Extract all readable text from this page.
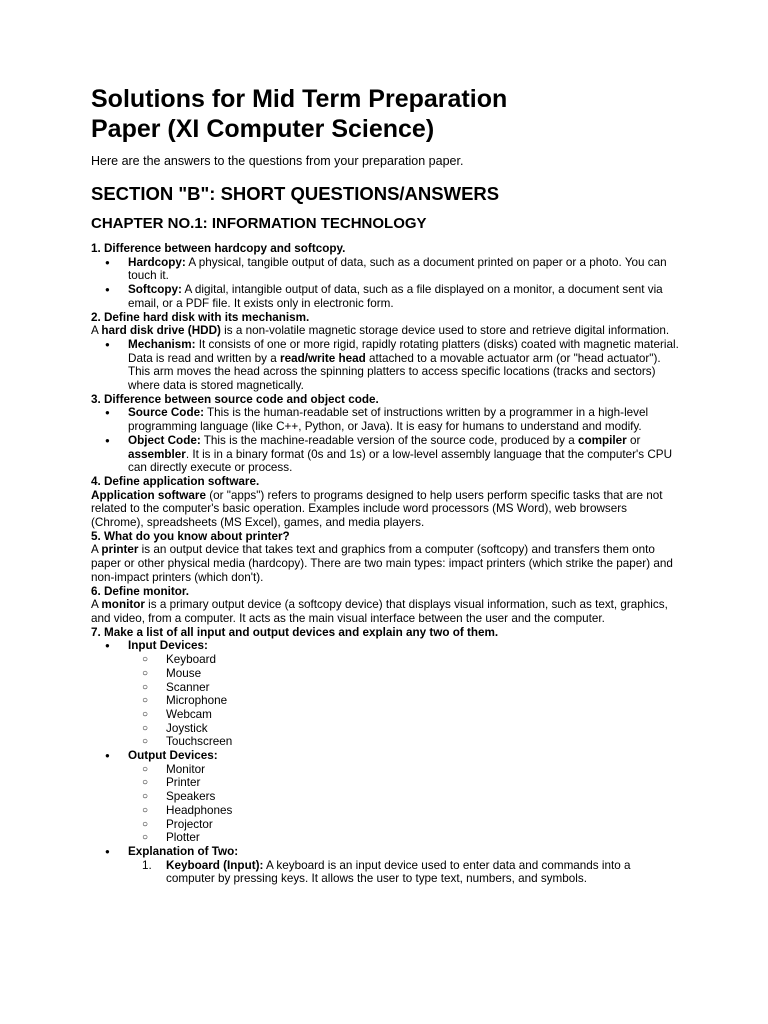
Solutions for Mid Term Preparation
Paper (XI Computer Science)

Here are the answers to the questions from your preparation paper.

SECTION "B": SHORT QUESTIONS/ANSWERS
CHAPTER NO.1: INFORMATION TECHNOLOGY
1. Difference between hardcopy and softcopy.
● Hardcopy: A physical, tangible output of data, such as a document printed on paper or a photo. You can touch it.
● Softcopy: A digital, intangible output of data, such as a file displayed on a monitor, a document sent via email, or a PDF file. It exists only in electronic form.
2. Define hard disk with its mechanism.

A hard disk drive (HDD) is a non-volatile magnetic storage device used to store and retrieve digital information.

● Mechanism: It consists of one or more rigid, rapidly rotating platters (disks) coated with magnetic material. Data is read and written by a read/write head attached to a movable actuator arm (or "head actuator"). This arm moves the head across the spinning platters to access specific locations (tracks and sectors) where data is stored magnetically.
3. Difference between source code and object code.
● Source Code: This is the human-readable set of instructions written by a programmer in a high-level programming language (like C++, Python, or Java). It is easy for humans to understand and modify.
● Object Code: This is the machine-readable version of the source code, produced by a compiler or assembler. It is in a binary format (0s and 1s) or a low-level assembly language that the computer's CPU can directly execute or process.
4. Define application software.

Application software (or "apps") refers to programs designed to help users perform specific tasks that are not related to the computer's basic operation. Examples include word processors (MS Word), web browsers (Chrome), spreadsheets (MS Excel), games, and media players.

5. What do you know about printer?

A printer is an output device that takes text and graphics from a computer (softcopy) and transfers them onto paper or other physical media (hardcopy). There are two main types: impact printers (which strike the paper) and non-impact printers (which don't).

6. Define monitor.

A monitor is a primary output device (a softcopy device) that displays visual information, such as text, graphics, and video, from a computer. It acts as the main visual interface between the user and the computer.

7. Make a list of all input and output devices and explain any two of them.
● Input Devices:
○ Keyboard
○ Mouse
○ Scanner
○ Microphone
○ Webcam
○ Joystick
○ Touchscreen
● Output Devices:
○ Monitor
○ Printer
○ Speakers
○ Headphones
○ Projector
○ Plotter
● Explanation of Two:
1. Keyboard (Input): A keyboard is an input device used to enter data and commands into a computer by pressing keys. It allows the user to type text, numbers, and symbols.
